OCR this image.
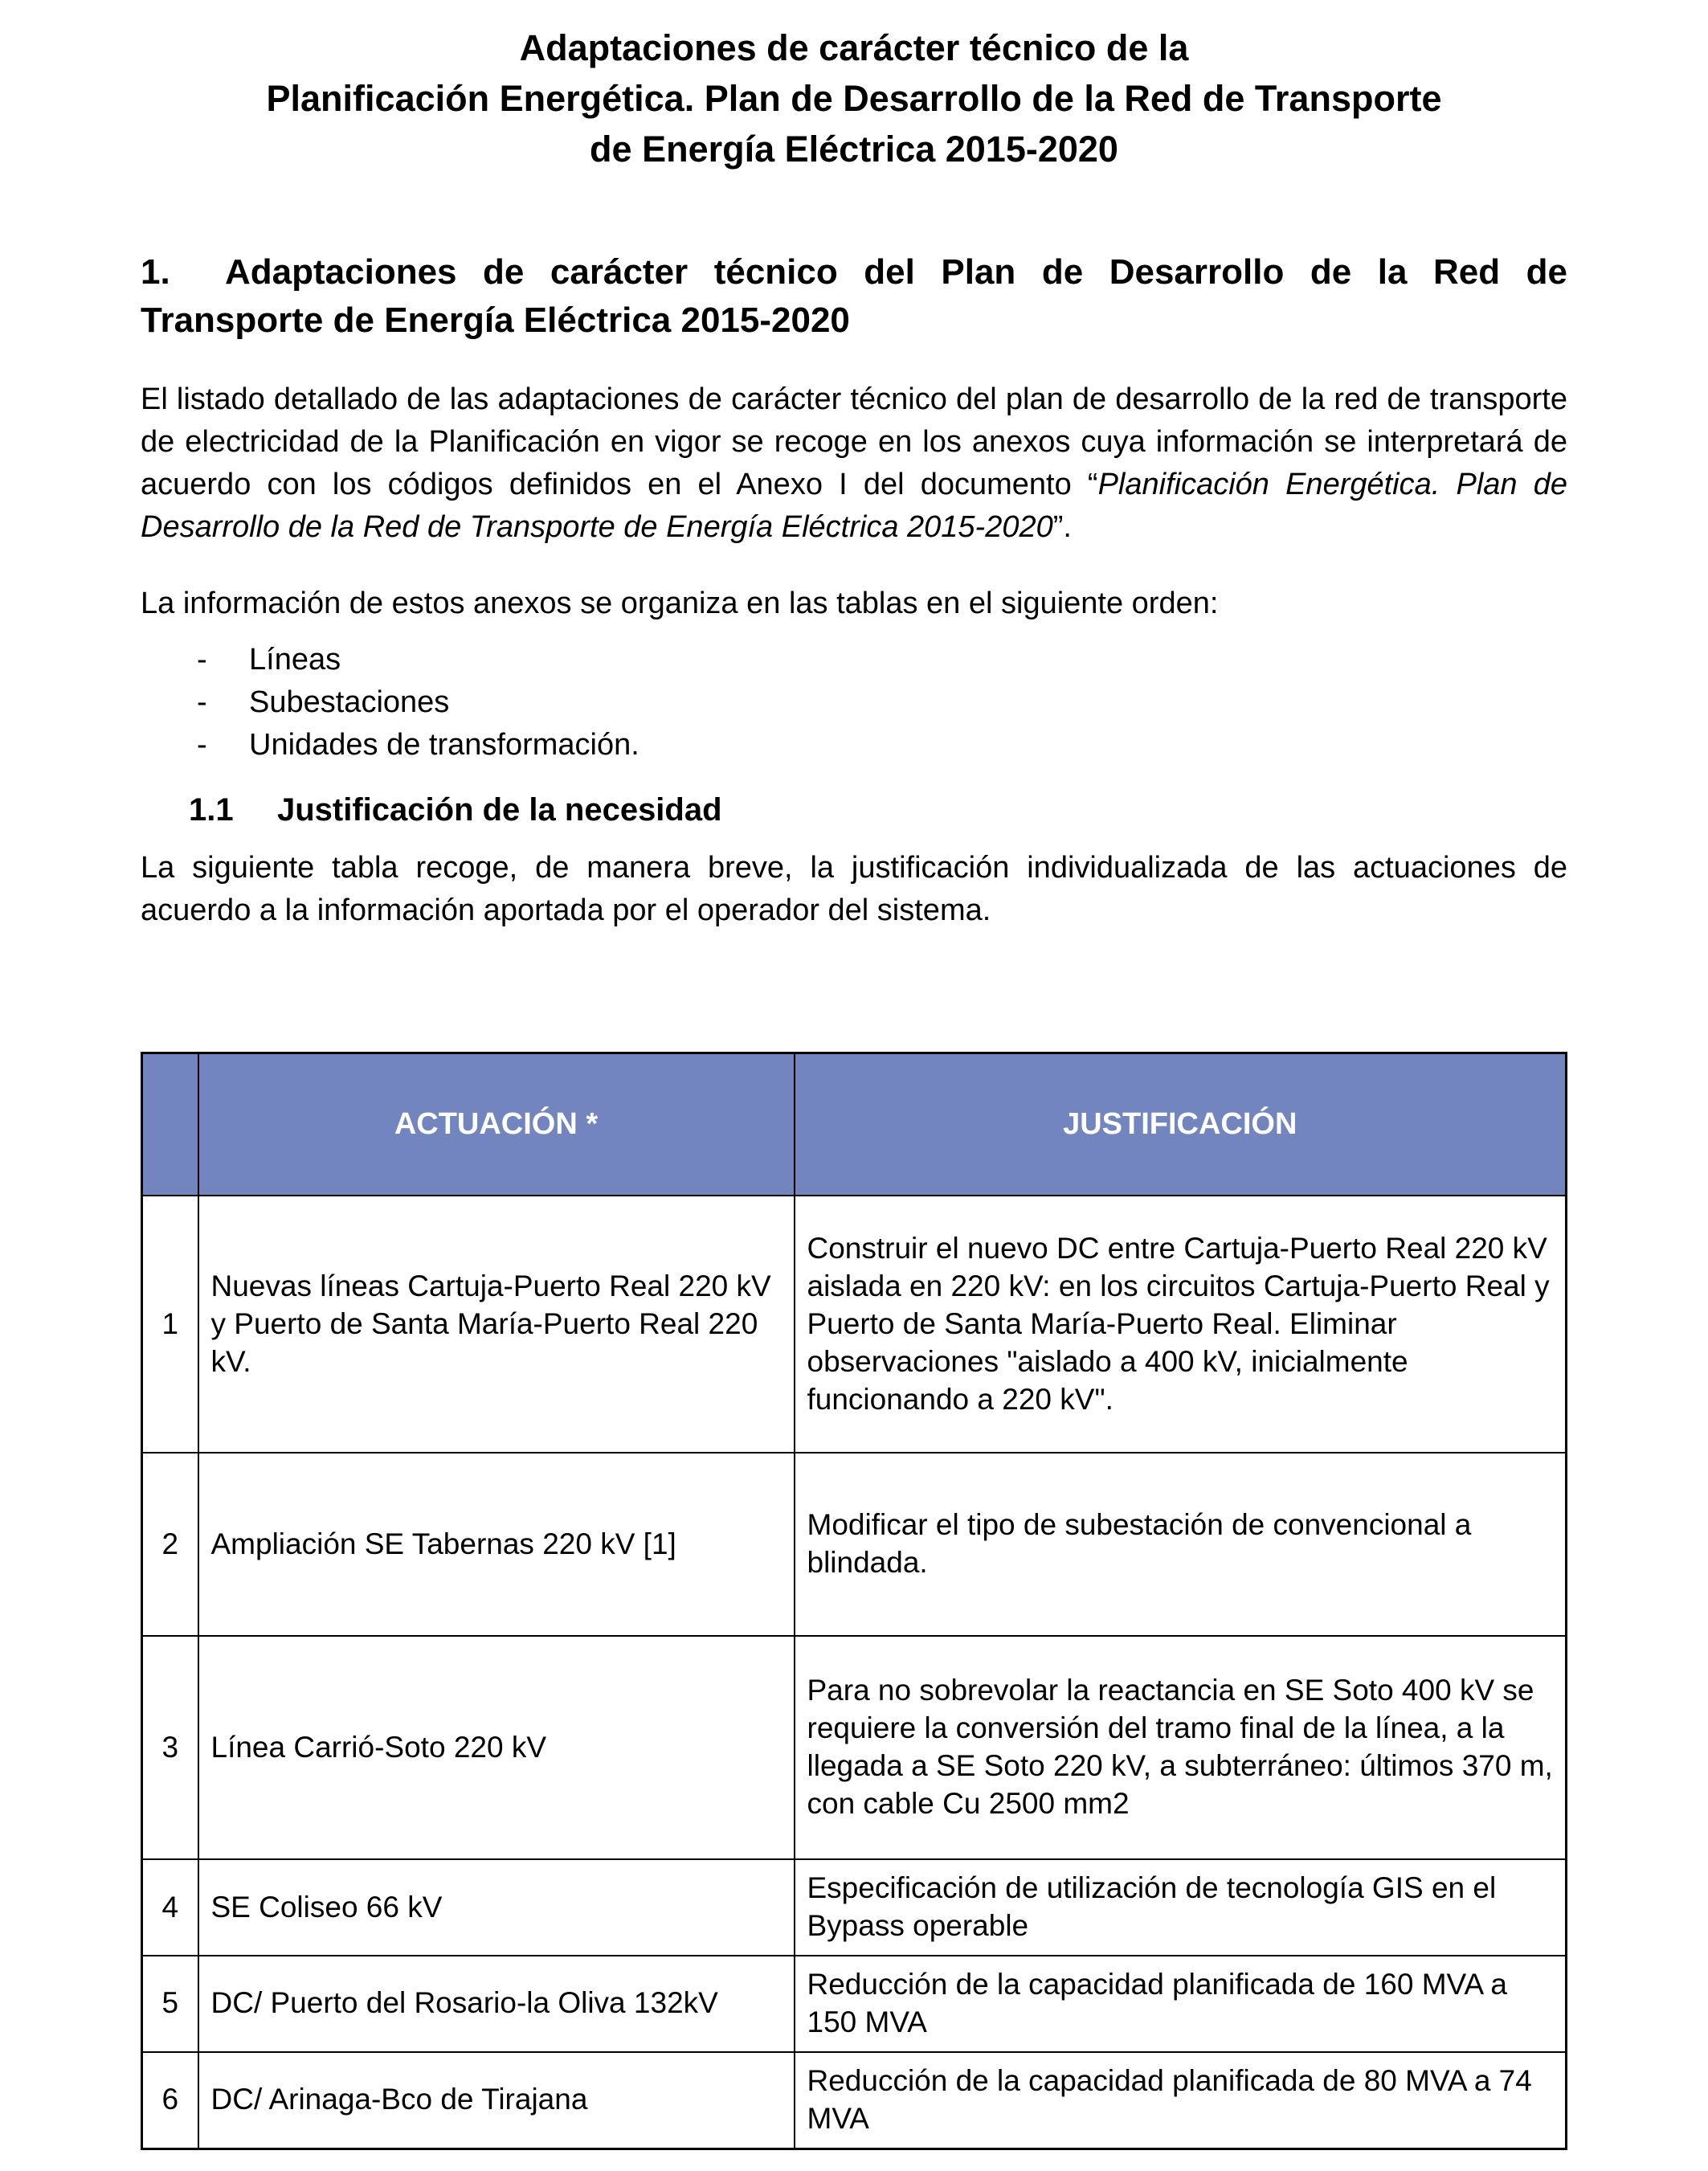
Adaptaciones de carácter técnico de la
Planificación Energética. Plan de Desarrollo de la Red de Transporte
de Energía Eléctrica 2015-2020
1. Adaptaciones de carácter técnico del Plan de Desarrollo de la Red de Transporte de Energía Eléctrica 2015-2020

El listado detallado de las adaptaciones de carácter técnico del plan de desarrollo de la red de transporte de electricidad de la Planificación en vigor se recoge en los anexos cuya información se interpretará de acuerdo con los códigos definidos en el Anexo I del documento “Planificación Energética. Plan de Desarrollo de la Red de Transporte de Energía Eléctrica 2015-2020”.

La información de estos anexos se organiza en las tablas en el siguiente orden:

- Líneas
- Subestaciones
- Unidades de transformación.
1.1 Justificación de la necesidad

La siguiente tabla recoge, de manera breve, la justificación individualizada de las actuaciones de acuerdo a la información aportada por el operador del sistema.

	ACTUACIÓN *	JUSTIFICACIÓN
1	Nuevas líneas Cartuja-Puerto Real 220 kV y Puerto de Santa María-Puerto Real 220 kV.	Construir el nuevo DC entre Cartuja-Puerto Real 220 kV aislada en 220 kV: en los circuitos Cartuja-Puerto Real y Puerto de Santa María-Puerto Real. Eliminar observaciones "aislado a 400 kV, inicialmente funcionando a 220 kV".
2	Ampliación SE Tabernas 220 kV [1]	Modificar el tipo de subestación de convencional a blindada.
3	Línea Carrió-Soto 220 kV	Para no sobrevolar la reactancia en SE Soto 400 kV se requiere la conversión del tramo final de la línea, a la llegada a SE Soto 220 kV, a subterráneo: últimos 370 m, con cable Cu 2500 mm2
4	SE Coliseo 66 kV	Especificación de utilización de tecnología GIS en el Bypass operable
5	DC/ Puerto del Rosario-la Oliva 132kV	Reducción de la capacidad planificada de 160 MVA a 150 MVA
6	DC/ Arinaga-Bco de Tirajana	Reducción de la capacidad planificada de 80 MVA a 74 MVA
